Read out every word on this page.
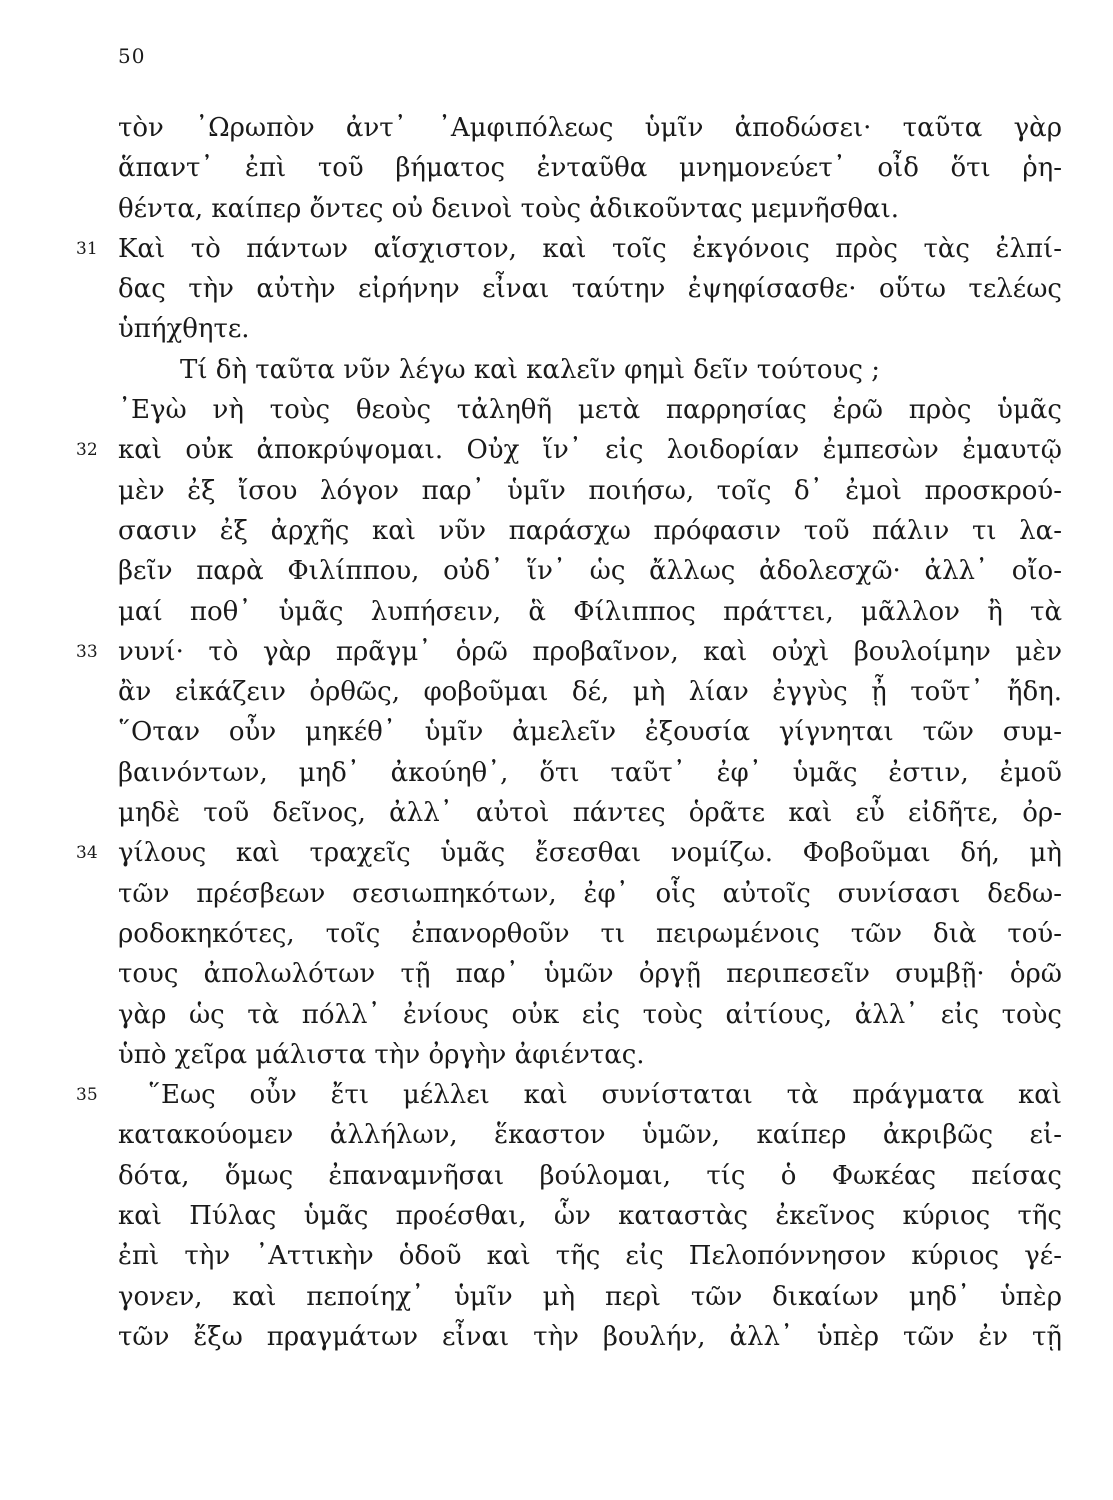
50
τὸν ᾿Ωρωπὸν ἀντ᾿ ᾿Αμφιπόλεως ὑμῖν ἀποδώσει· ταῦτα γὰρ
ἅπαντ᾿ ἐπὶ τοῦ βήματος ἐνταῦθα μνημονεύετ᾿ οἶδ ὅτι ῥη-
θέντα, καίπερ ὄντες οὐ δεινοὶ τοὺς ἀδικοῦντας μεμνῆσθαι.
31 Καὶ τὸ πάντων αἴσχιστον, καὶ τοῖς ἐκγόνοις πρὸς τὰς ἐλπί-
δας τὴν αὐτὴν εἰρήνην εἶναι ταύτην ἐψηφίσασθε· οὕτω τελέως
ὑπήχθητε.
Τί δὴ ταῦτα νῦν λέγω καὶ καλεῖν φημὶ δεῖν τούτους ;
᾿Εγὼ νὴ τοὺς θεοὺς τἀληθῆ μετὰ παρρησίας ἐρῶ πρὸς ὑμᾶς
32 καὶ οὐκ ἀποκρύψομαι. Οὐχ ἵν᾿ εἰς λοιδορίαν ἐμπεσὼν ἐμαυτῷ
μὲν ἐξ ἴσου λόγον παρ᾿ ὑμῖν ποιήσω, τοῖς δ᾿ ἐμοὶ προσκρού-
σασιν ἐξ ἀρχῆς καὶ νῦν παράσχω πρόφασιν τοῦ πάλιν τι λα-
βεῖν παρὰ Φιλίππου, οὐδ᾿ ἵν᾿ ὡς ἄλλως ἀδολεσχῶ· ἀλλ᾿ οἴο-
μαί ποθ᾿ ὑμᾶς λυπήσειν, ἃ Φίλιππος πράττει, μᾶλλον ἢ τὰ
33 νυνί· τὸ γὰρ πρᾶγμ᾿ ὁρῶ προβαῖνον, καὶ οὐχὶ βουλοίμην μὲν
ἂν εἰκάζειν ὀρθῶς, φοβοῦμαι δέ, μὴ λίαν ἐγγὺς ᾖ τοῦτ᾿ ἤδη.
῞Οταν οὖν μηκέθ᾿ ὑμῖν ἀμελεῖν ἐξουσία γίγνηται τῶν συμ-
βαινόντων, μηδ᾿ ἀκούηθ᾿, ὅτι ταῦτ᾿ ἐφ᾿ ὑμᾶς ἐστιν, ἐμοῦ
μηδὲ τοῦ δεῖνος, ἀλλ᾿ αὐτοὶ πάντες ὁρᾶτε καὶ εὖ εἰδῆτε, ὀρ-
34 γίλους καὶ τραχεῖς ὑμᾶς ἔσεσθαι νομίζω. Φοβοῦμαι δή, μὴ
τῶν πρέσβεων σεσιωπηκότων, ἐφ᾿ οἷς αὐτοῖς συνίσασι δεδω-
ροδοκηκότες, τοῖς ἐπανορθοῦν τι πειρωμένοις τῶν διὰ τού-
τους ἀπολωλότων τῇ παρ᾿ ὑμῶν ὀργῇ περιπεσεῖν συμβῇ· ὁρῶ
γὰρ ὡς τὰ πόλλ᾿ ἐνίους οὐκ εἰς τοὺς αἰτίους, ἀλλ᾿ εἰς τοὺς
ὑπὸ χεῖρα μάλιστα τὴν ὀργὴν ἀφιέντας.
35 ῞Εως οὖν ἔτι μέλλει καὶ συνίσταται τὰ πράγματα καὶ
κατακούομεν ἀλλήλων, ἕκαστον ὑμῶν, καίπερ ἀκριβῶς εἰ-
δότα, ὅμως ἐπαναμνῆσαι βούλομαι, τίς ὁ Φωκέας πείσας
καὶ Πύλας ὑμᾶς προέσθαι, ὧν καταστὰς ἐκεῖνος κύριος τῆς
ἐπὶ τὴν ᾿Αττικὴν ὁδοῦ καὶ τῆς εἰς Πελοπόννησον κύριος γέ-
γονεν, καὶ πεποίηχ᾿ ὑμῖν μὴ περὶ τῶν δικαίων μηδ᾿ ὑπὲρ
τῶν ἔξω πραγμάτων εἶναι τὴν βουλήν, ἀλλ᾿ ὑπὲρ τῶν ἐν τῇ
